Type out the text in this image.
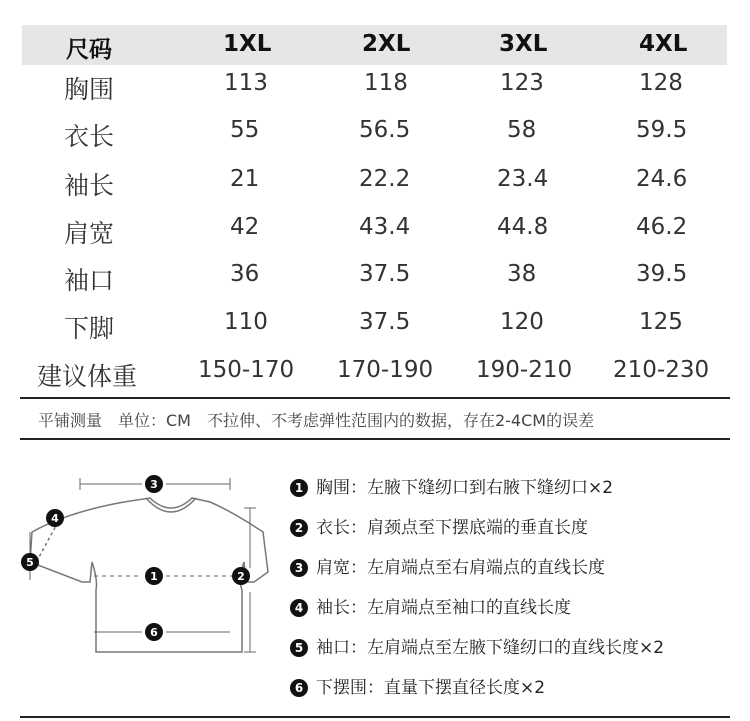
尺码	1XL	2XL	3XL	4XL
胸围	113	118	123	128
衣长	55	56.5	58	59.5
袖长	21	22.2	23.4	24.6
肩宽	42	43.4	44.8	46.2
袖口	36	37.5	38	39.5
下脚	110	37.5	120	125
建议体重	150-170 170-190 190-210 210-230
平铺测量　单位：CM　不拉伸、不考虑弹性范围内的数据，存在2-4CM的误差
3
4
5
1	2
6
1 胸围：左腋下缝纫口到右腋下缝纫口×2
2 衣长：肩颈点至下摆底端的垂直长度
3 肩宽：左肩端点至右肩端点的直线长度
4 袖长：左肩端点至袖口的直线长度
5 袖口：左肩端点至左腋下缝纫口的直线长度×2
6 下摆围：直量下摆直径长度×2
